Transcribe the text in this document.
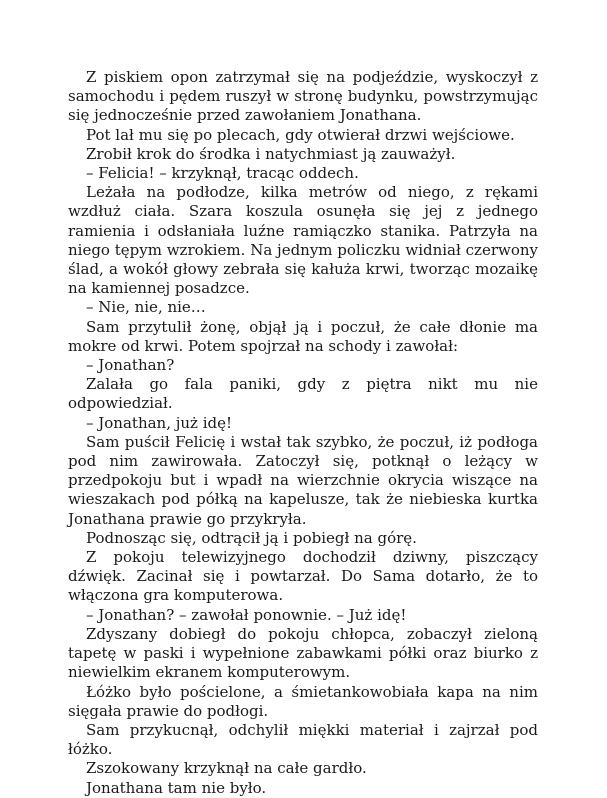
Z piskiem opon zatrzymał się na podjeździe, wyskoczył z samochodu i pędem ruszył w stronę budynku, powstrzymując się jednocześnie przed zawołaniem Jonathana.

Pot lał mu się po plecach, gdy otwierał drzwi wejściowe.

Zrobił krok do środka i natychmiast ją zauważył.

– Felicia! – krzyknął, tracąc oddech.

Leżała na podłodze, kilka metrów od niego, z rękami wzdłuż ciała. Szara koszula osunęła się jej z jednego ramienia i odsłaniała luźne ramiączko stanika. Patrzyła na niego tępym wzrokiem. Na jednym policzku widniał czerwony ślad, a wokół głowy zebrała się kałuża krwi, tworząc mozaikę na kamiennej posadzce.

– Nie, nie, nie…

Sam przytulił żonę, objął ją i poczuł, że całe dłonie ma mokre od krwi. Potem spojrzał na schody i zawołał:

– Jonathan?

Zalała go fala paniki, gdy z piętra nikt mu nie odpowiedział.

– Jonathan, już idę!

Sam puścił Felicię i wstał tak szybko, że poczuł, iż podłoga pod nim zawirowała. Zatoczył się, potknął o leżący w przedpokoju but i wpadł na wierzchnie okrycia wiszące na wieszakach pod półką na kapelusze, tak że niebieska kurtka Jonathana prawie go przykryła.

Podnosząc się, odtrącił ją i pobiegł na górę.

Z pokoju telewizyjnego dochodził dziwny, piszczący dźwięk. Zacinał się i powtarzał. Do Sama dotarło, że to włączona gra komputerowa.

– Jonathan? – zawołał ponownie. – Już idę!

Zdyszany dobiegł do pokoju chłopca, zobaczył zieloną tapetę w paski i wypełnione zabawkami półki oraz biurko z niewielkim ekranem komputerowym.

Łóżko było pościelone, a śmietankowobiała kapa na nim sięgała prawie do podłogi.

Sam przykucnął, odchylił miękki materiał i zajrzał pod łóżko.

Zszokowany krzyknął na całe gardło.

Jonathana tam nie było.
